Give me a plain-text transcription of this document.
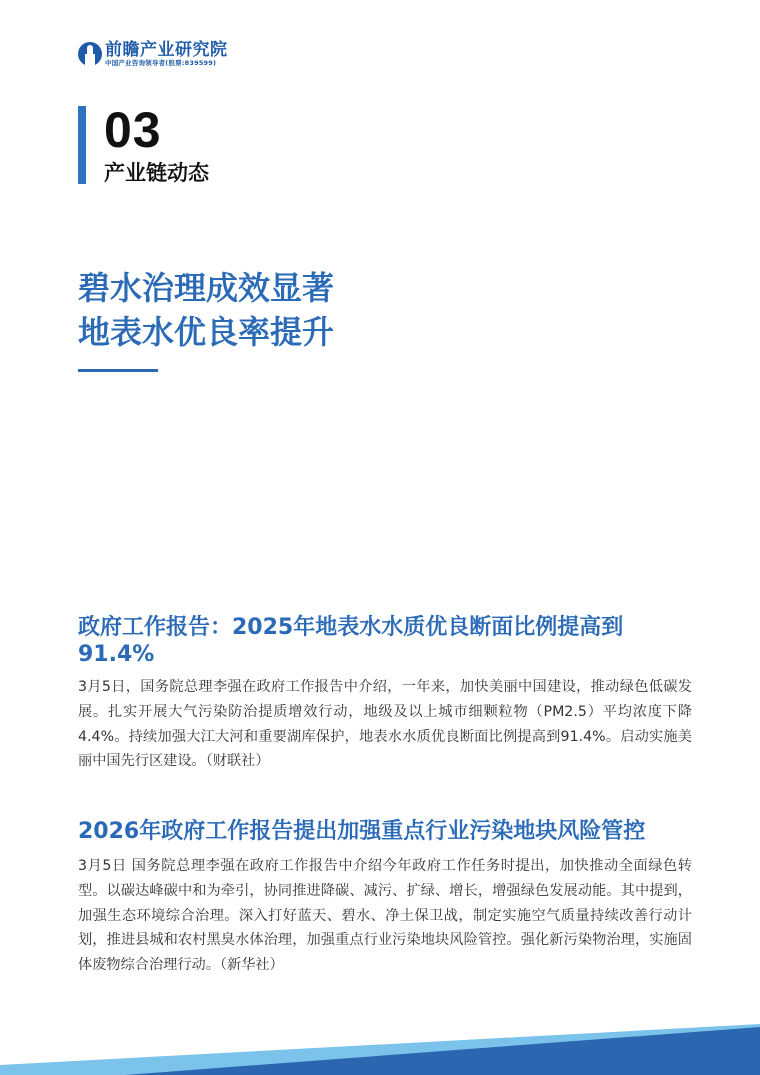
前瞻产业研究院
中国产业咨询领导者(股票:839599)
03
产业链动态
碧水治理成效显著
地表水优良率提升
政府工作报告：2025年地表水水质优良断面比例提高到91.4%
3月5日，国务院总理李强在政府工作报告中介绍，一年来，加快美丽中国建设，推动绿色低碳发展。扎实开展大气污染防治提质增效行动，地级及以上城市细颗粒物（PM2.5）平均浓度下降4.4%。持续加强大江大河和重要湖库保护，地表水水质优良断面比例提高到91.4%。启动实施美丽中国先行区建设。（财联社）
2026年政府工作报告提出加强重点行业污染地块风险管控
3月5日 国务院总理李强在政府工作报告中介绍今年政府工作任务时提出，加快推动全面绿色转型。以碳达峰碳中和为牵引，协同推进降碳、减污、扩绿、增长，增强绿色发展动能。其中提到，加强生态环境综合治理。深入打好蓝天、碧水、净土保卫战，制定实施空气质量持续改善行动计划，推进县城和农村黑臭水体治理，加强重点行业污染地块风险管控。强化新污染物治理，实施固体废物综合治理行动。（新华社）
